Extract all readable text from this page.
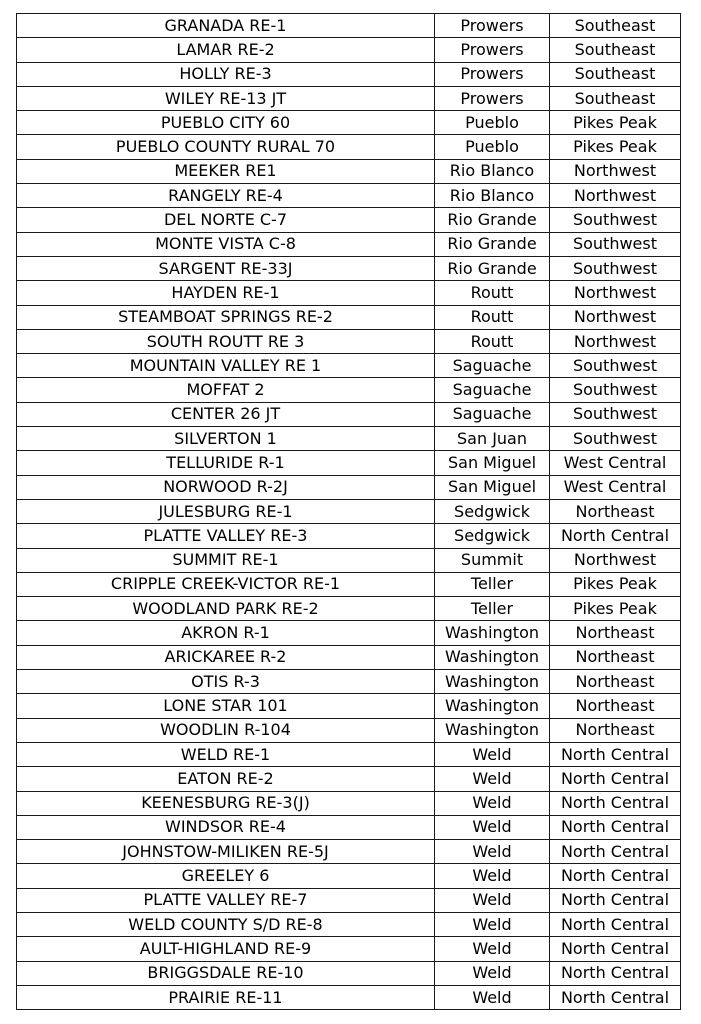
GRANADA RE-1	Prowers	Southeast
LAMAR RE-2	Prowers	Southeast
HOLLY RE-3	Prowers	Southeast
WILEY RE-13 JT	Prowers	Southeast
PUEBLO CITY 60	Pueblo	Pikes Peak
PUEBLO COUNTY RURAL 70	Pueblo	Pikes Peak
MEEKER RE1	Rio Blanco	Northwest
RANGELY RE-4	Rio Blanco	Northwest
DEL NORTE C-7	Rio Grande	Southwest
MONTE VISTA C-8	Rio Grande	Southwest
SARGENT RE-33J	Rio Grande	Southwest
HAYDEN RE-1	Routt	Northwest
STEAMBOAT SPRINGS RE-2	Routt	Northwest
SOUTH ROUTT RE 3	Routt	Northwest
MOUNTAIN VALLEY RE 1	Saguache	Southwest
MOFFAT 2	Saguache	Southwest
CENTER 26 JT	Saguache	Southwest
SILVERTON 1	San Juan	Southwest
TELLURIDE R-1	San Miguel	West Central
NORWOOD R-2J	San Miguel	West Central
JULESBURG RE-1	Sedgwick	Northeast
PLATTE VALLEY RE-3	Sedgwick	North Central
SUMMIT RE-1	Summit	Northwest
CRIPPLE CREEK-VICTOR RE-1	Teller	Pikes Peak
WOODLAND PARK RE-2	Teller	Pikes Peak
AKRON R-1	Washington	Northeast
ARICKAREE R-2	Washington	Northeast
OTIS R-3	Washington	Northeast
LONE STAR 101	Washington	Northeast
WOODLIN R-104	Washington	Northeast
WELD RE-1	Weld	North Central
EATON RE-2	Weld	North Central
KEENESBURG RE-3(J)	Weld	North Central
WINDSOR RE-4	Weld	North Central
JOHNSTOW-MILIKEN RE-5J	Weld	North Central
GREELEY 6	Weld	North Central
PLATTE VALLEY RE-7	Weld	North Central
WELD COUNTY S/D RE-8	Weld	North Central
AULT-HIGHLAND RE-9	Weld	North Central
BRIGGSDALE RE-10	Weld	North Central
PRAIRIE RE-11	Weld	North Central
